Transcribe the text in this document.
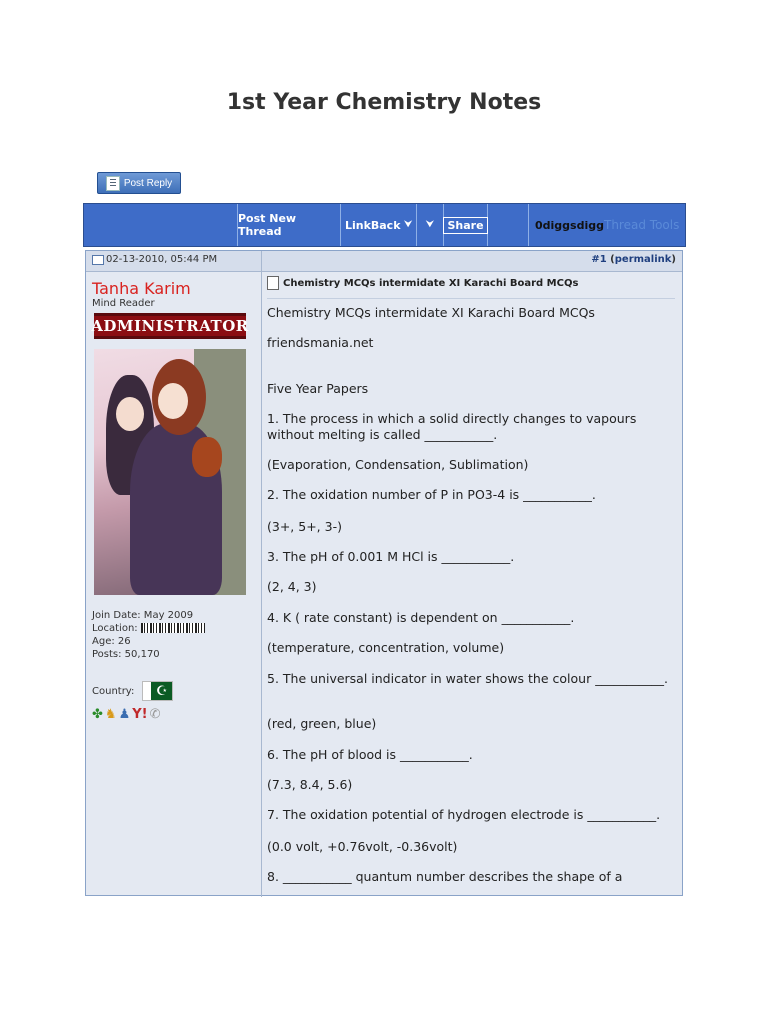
1st Year Chemistry Notes
Post Reply
Post New Thread	LinkBack
⮟ ⮟	Share	0diggsdigg Thread Tools
02-13-2010, 05:44 PM	#1 (permalink)
Tanha Karim
Mind Reader
ADMINISTRATOR
Join Date: May 2009
Location:
Age: 26
Posts: 50,170
Country: ☪
✤ ♞ ♟ Y! ✆
Chemistry MCQs intermidate XI Karachi Board MCQs
Chemistry MCQs intermidate XI Karachi Board MCQs
friendsmania.net
Five Year Papers
1. The process in which a solid directly changes to vapours without melting is called ___________.
(Evaporation, Condensation, Sublimation)
2. The oxidation number of P in PO3-4 is ___________.
(3+, 5+, 3-)
3. The pH of 0.001 M HCl is ___________.
(2, 4, 3)
4. K ( rate constant) is dependent on ___________.
(temperature, concentration, volume)
5. The universal indicator in water shows the colour ___________.
(red, green, blue)
6. The pH of blood is ___________.
(7.3, 8.4, 5.6)
7. The oxidation potential of hydrogen electrode is ___________.
(0.0 volt, +0.76volt, -0.36volt)
8. ___________ quantum number describes the shape of a
